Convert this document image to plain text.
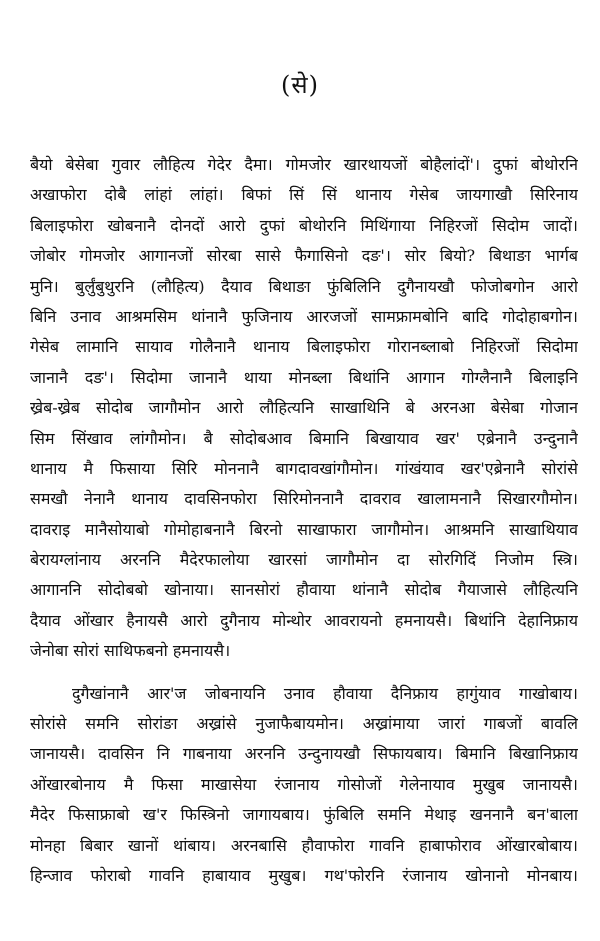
(से)
बैयो बेसेबा गुवार लौहित्य गेदेर दैमा। गोमजोर खारथायजों बोहैलांदों'। दुफां बोथोरनि
अखाफोरा दोबै लांहां लांहां। बिफां सिं सिं थानाय गेसेब जायगाखौ सिरिनाय
बिलाइफोरा खोबनानै दोनदों आरो दुफां बोथोरनि मिथिंगाया निहिरजों सिदोम जादों।
जोबोर गोमजोर आगानजों सोरबा सासे फैगासिनो दङ'। सोर बियो? बिथाङा भार्गब
मुनि। बुर्लुंबुथुरनि (लौहित्य) दैयाव बिथाङा फुंबिलिनि दुगैनायखौ फोजोबगोन आरो
बिनि उनाव आश्रमसिम थांनानै फुजिनाय आरजजों सामफ्रामबोनि बादि गोदोहाबगोन।
गेसेब लामानि सायाव गोलैनानै थानाय बिलाइफोरा गोरानब्लाबो निहिरजों सिदोमा
जानानै दङ'। सिदोमा जानानै थाया मोनब्ला बिथांनि आगान गोग्लैनानै बिलाइनि
ख्रेब-ख्रेब सोदोब जागौमोन आरो लौहित्यनि साखाथिनि बे अरनआ बेसेबा गोजान
सिम सिंखाव लांगौमोन। बै सोदोबआव बिमानि बिखायाव खर' एब्रेनानै उन्दुनानै
थानाय मै फिसाया सिरि मोननानै बागदावखांगौमोन। गांखंयाव खर'एब्रेनानै सोरांसे
समखौ नेनानै थानाय दावसिनफोरा सिरिमोननानै दावराव खालामनानै सिखारगौमोन।
दावराइ मानैसोयाबो गोमोहाबनानै बिरनो साखाफारा जागौमोन। आश्रमनि साखाथियाव
बेरायग्लांनाय अरननि मैदेरफालोया खारसां जागौमोन दा सोरगिदिं निजोम स्त्रि।
आगाननि सोदोबबो खोनाया। सानसोरां हौवाया थांनानै सोदोब गैयाजासे लौहित्यनि
दैयाव ओंखार हैनायसै आरो दुगैनाय मोन्थोर आवरायनो हमनायसै। बिथांनि देहानिफ्राय
जेनोबा सोरां साथिफबनो हमनायसै।
दुगैखांनानै आर'ज जोबनायनि उनाव हौवाया दैनिफ्राय हागुंयाव गाखोबाय।
सोरांसे समनि सोरांङा अख्रांसे नुजाफैबायमोन। अख्रांमाया जारां गाबजों बावलि
जानायसै। दावसिन नि गाबनाया अरननि उन्दुनायखौ सिफायबाय। बिमानि बिखानिफ्राय
ओंखारबोनाय मै फिसा माखासेया रंजानाय गोसोजों गेलेनायाव मुखुब जानायसै।
मैदेर फिसाफ्राबो ख'र फिस्त्रिनो जागायबाय। फुंबिलि समनि मेथाइ खननानै बन'बाला
मोनहा बिबार खानों थांबाय। अरनबासि हौवाफोरा गावनि हाबाफोराव ओंखारबोबाय।
हिन्जाव फोराबो गावनि हाबायाव मुखुब। गथ'फोरनि रंजानाय खोनानो मोनबाय।
